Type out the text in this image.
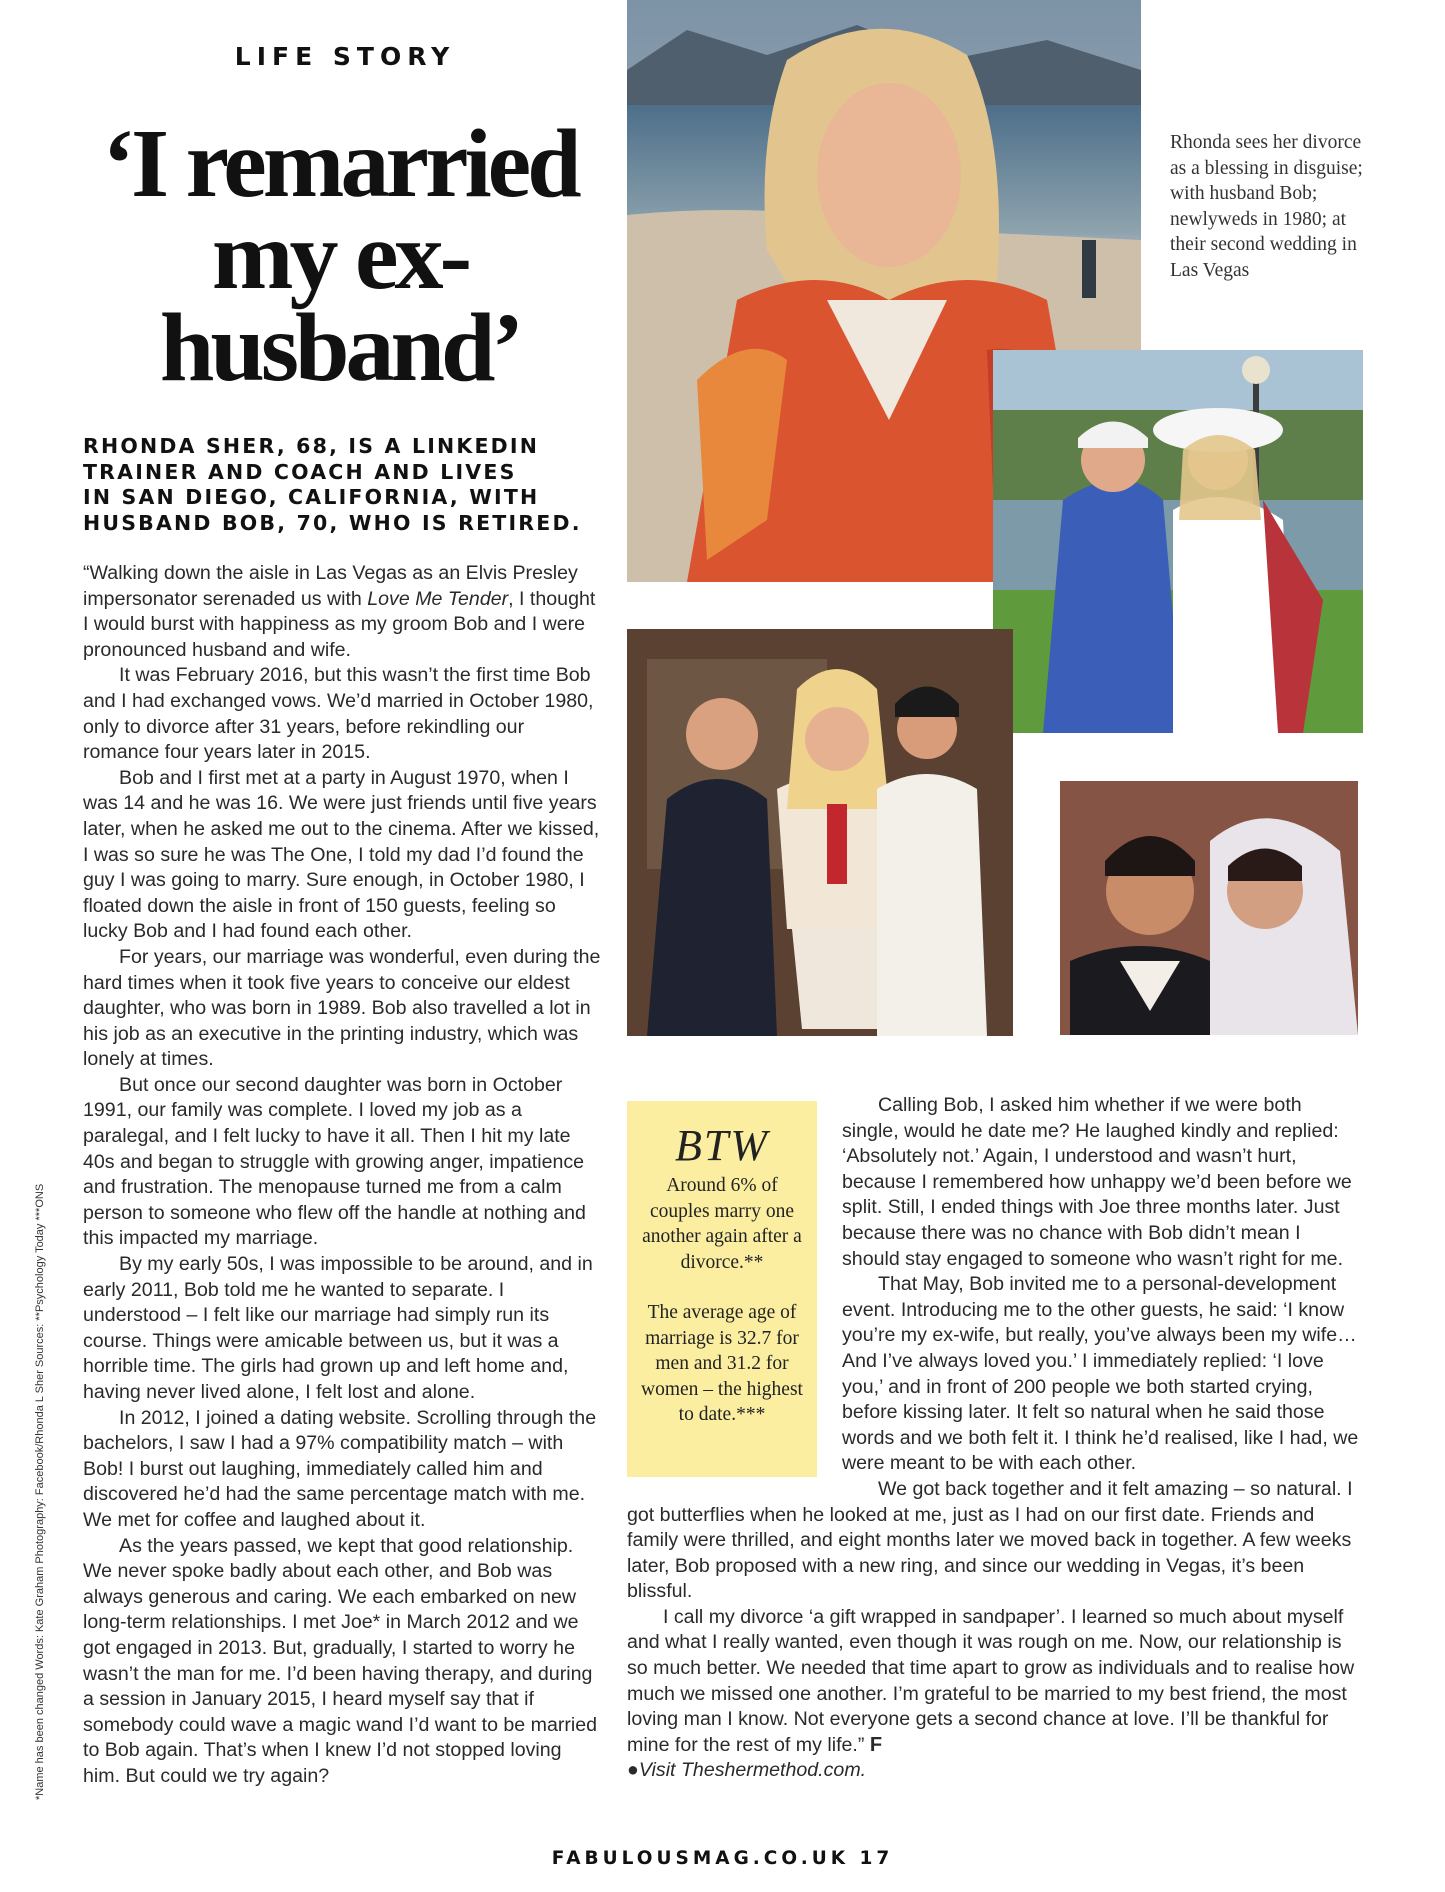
LIFE STORY
‘I remarried
my ex-
husband’
RHONDA SHER, 68, IS A LINKEDIN
TRAINER AND COACH AND LIVES
IN SAN DIEGO, CALIFORNIA, WITH
HUSBAND BOB, 70, WHO IS RETIRED.
*Name has been changed Words: Kate Graham Photography: Facebook/Rhonda L Sher Sources: **Psychology Today ***ONS

“Walking down the aisle in Las Vegas as an Elvis Presley impersonator serenaded us with Love Me Tender, I thought I would burst with happiness as my groom Bob and I were pronounced husband and wife.

It was February 2016, but this wasn’t the first time Bob and I had exchanged vows. We’d married in October 1980, only to divorce after 31 years, before rekindling our romance four years later in 2015.

Bob and I first met at a party in August 1970, when I was 14 and he was 16. We were just friends until five years later, when he asked me out to the cinema. After we kissed, I was so sure he was The One, I told my dad I’d found the guy I was going to marry. Sure enough, in October 1980, I floated down the aisle in front of 150 guests, feeling so lucky Bob and I had found each other.

For years, our marriage was wonderful, even during the hard times when it took five years to conceive our eldest daughter, who was born in 1989. Bob also travelled a lot in his job as an executive in the printing industry, which was lonely at times.

But once our second daughter was born in October 1991, our family was complete. I loved my job as a paralegal, and I felt lucky to have it all. Then I hit my late 40s and began to struggle with growing anger, impatience and frustration. The menopause turned me from a calm person to someone who flew off the handle at nothing and this impacted my marriage.

By my early 50s, I was impossible to be around, and in early 2011, Bob told me he wanted to separate. I understood – I felt like our marriage had simply run its course. Things were amicable between us, but it was a horrible time. The girls had grown up and left home and, having never lived alone, I felt lost and alone.

In 2012, I joined a dating website. Scrolling through the bachelors, I saw I had a 97% compatibility match – with Bob! I burst out laughing, immediately called him and discovered he’d had the same percentage match with me. We met for coffee and laughed about it.

As the years passed, we kept that good relationship. We never spoke badly about each other, and Bob was always generous and caring. We each embarked on new long-term relationships. I met Joe* in March 2012 and we got engaged in 2013. But, gradually, I started to worry he wasn’t the man for me. I’d been having therapy, and during a session in January 2015, I heard myself say that if somebody could wave a magic wand I’d want to be married to Bob again. That’s when I knew I’d not stopped loving him. But could we try again?

Rhonda sees her divorce as a blessing in disguise; with husband Bob; newlyweds in 1980; at their second wedding in Las Vegas
BTW

Around 6% of couples marry one another again after a divorce.**

The average age of marriage is 32.7 for men and 31.2 for women – the highest to date.***

Calling Bob, I asked him whether if we were both single, would he date me? He laughed kindly and replied: ‘Absolutely not.’ Again, I understood and wasn’t hurt, because I remembered how unhappy we’d been before we split. Still, I ended things with Joe three months later. Just because there was no chance with Bob didn’t mean I should stay engaged to someone who wasn’t right for me.

That May, Bob invited me to a personal-development event. Introducing me to the other guests, he said: ‘I know you’re my ex-wife, but really, you’ve always been my wife… And I’ve always loved you.’ I immediately replied: ‘I love you,’ and in front of 200 people we both started crying, before kissing later. It felt so natural when he said those words and we both felt it. I think he’d realised, like I had, we were meant to be with each other.

We got back together and it felt amazing – so natural. I got butterflies when he looked at me, just as I had on our first date. Friends and family were thrilled, and eight months later we moved back in together. A few weeks later, Bob proposed with a new ring, and since our wedding in Vegas, it’s been blissful.

I call my divorce ‘a gift wrapped in sandpaper’. I learned so much about myself and what I really wanted, even though it was rough on me. Now, our relationship is so much better. We needed that time apart to grow as individuals and to realise how much we missed one another. I’m grateful to be married to my best friend, the most loving man I know. Not everyone gets a second chance at love. I’ll be thankful for mine for the rest of my life.” F

●Visit Theshermethod.com.
FABULOUSMAG.CO.UK 17
